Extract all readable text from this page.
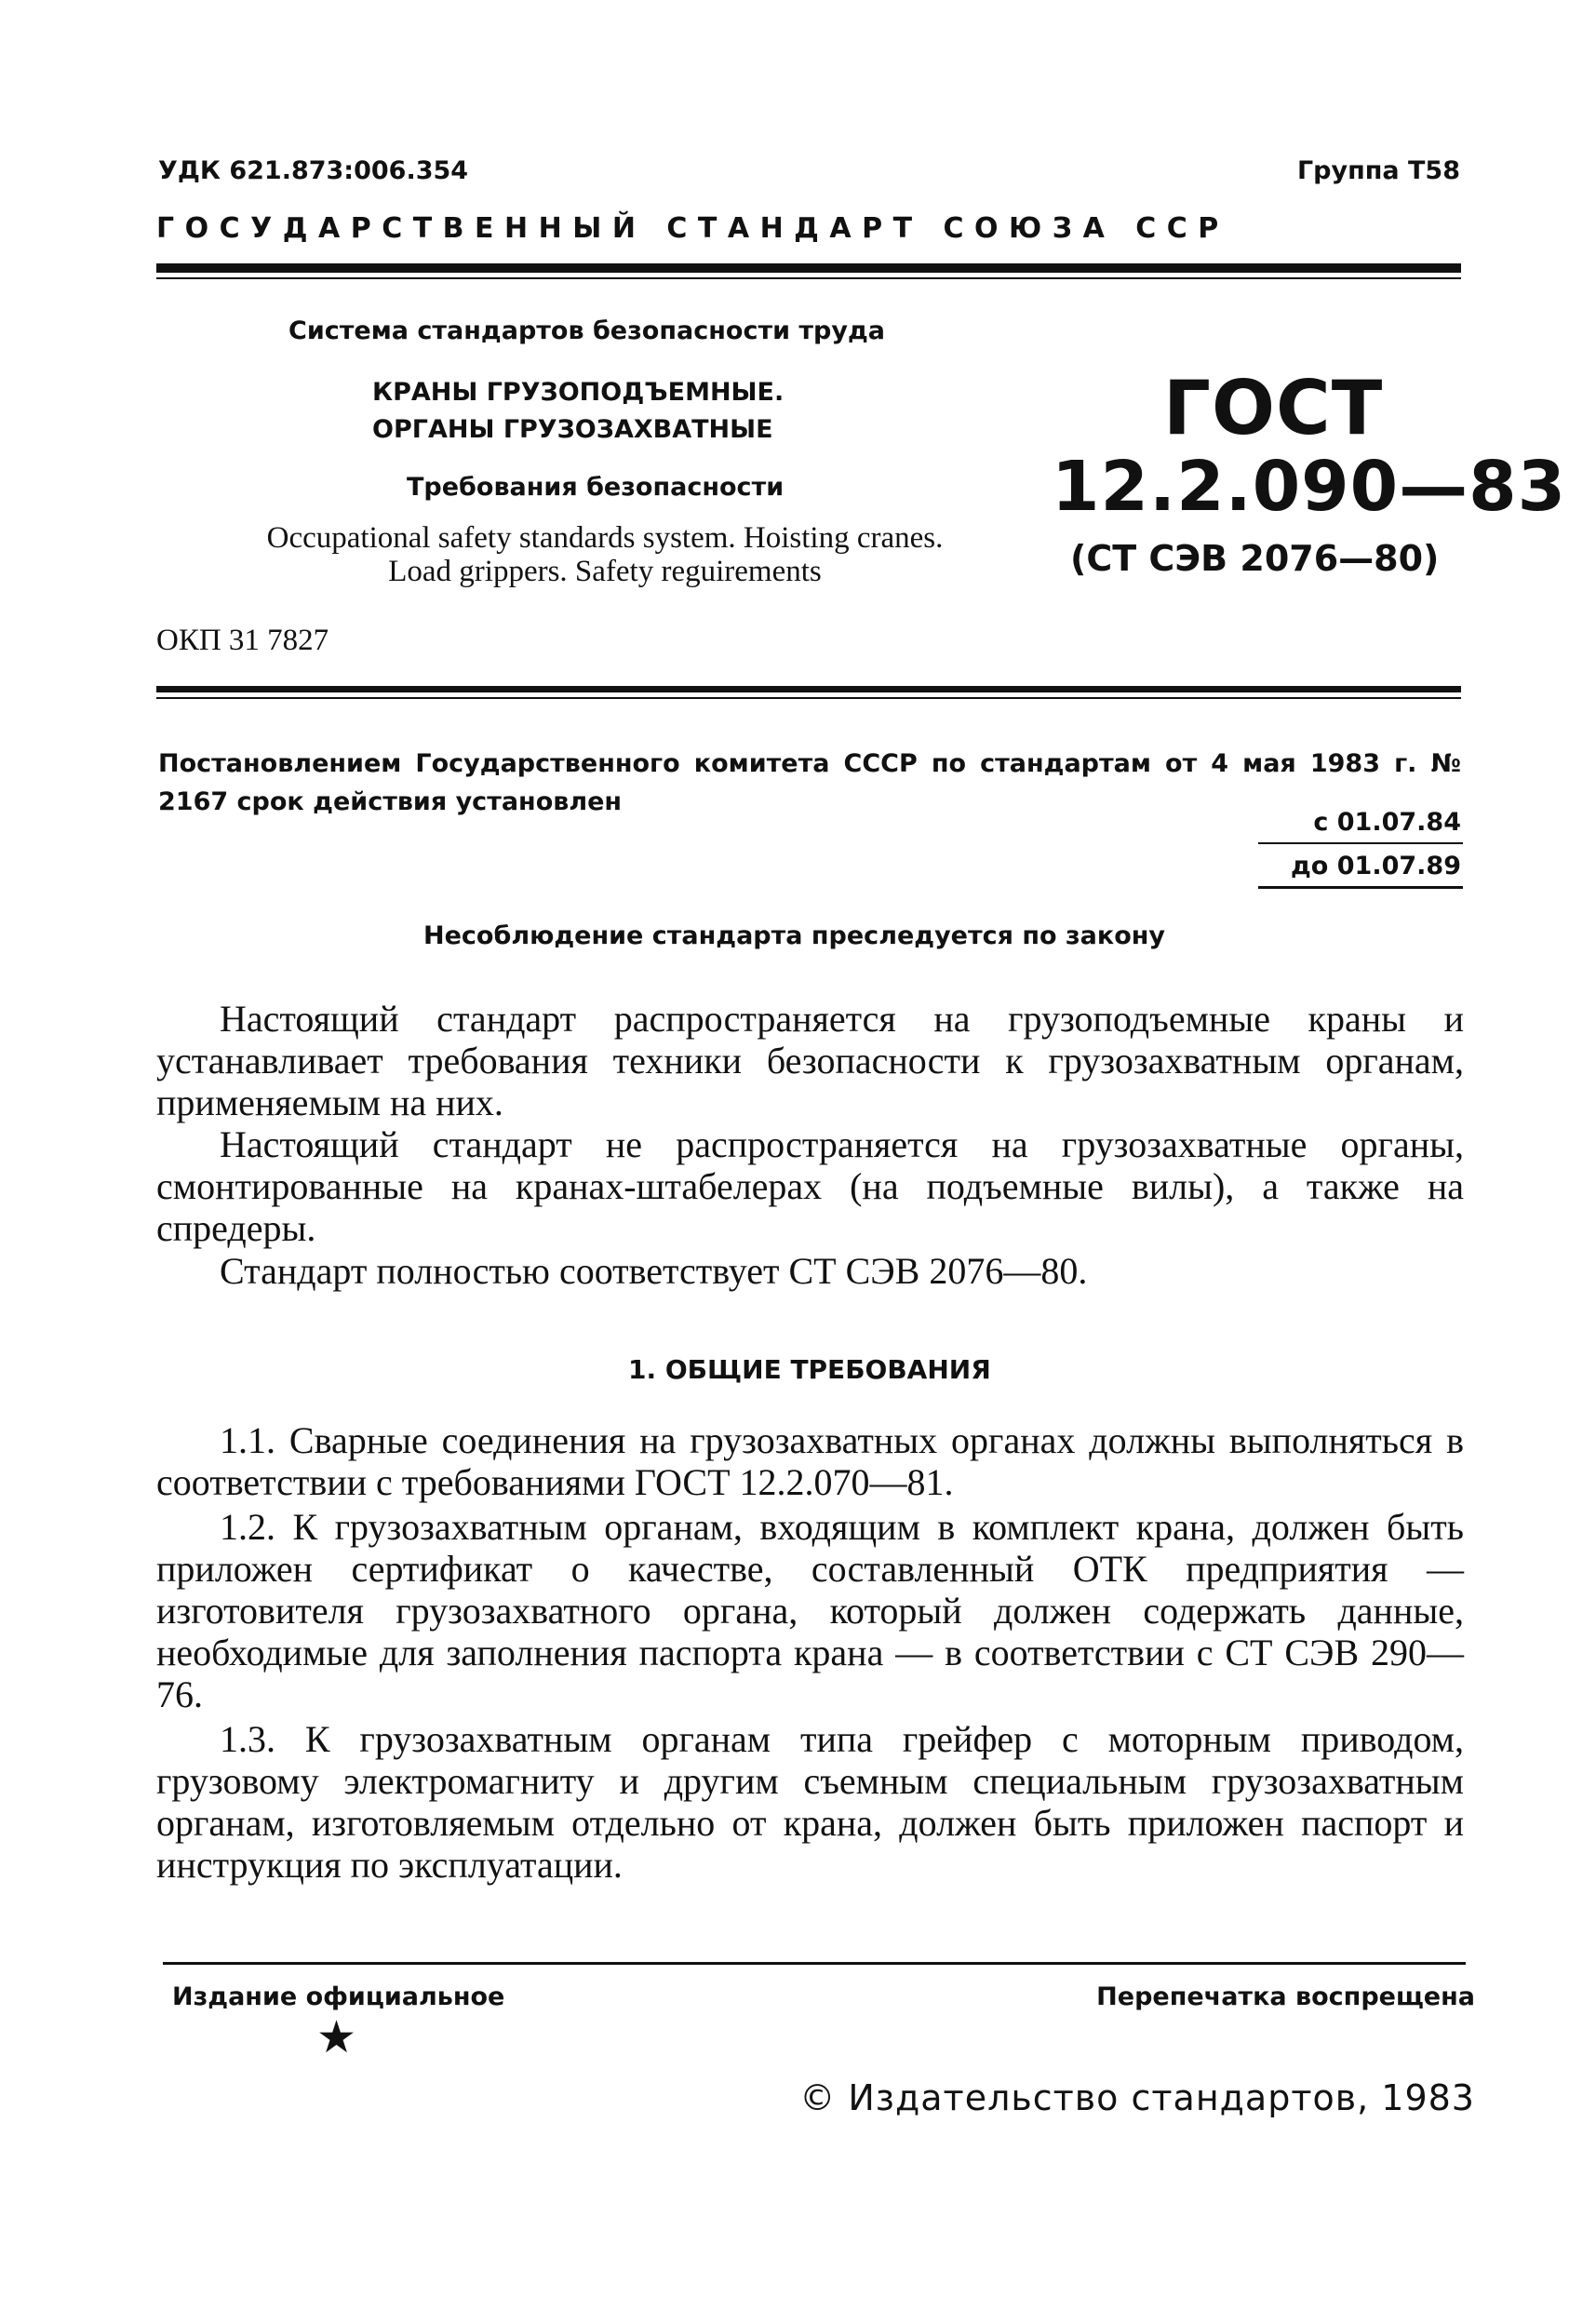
УДК 621.873:006.354	Группа Т58
ГОСУДАРСТВЕННЫЙ СТАНДАРТ СОЮЗА ССР
Система стандартов безопасности труда
КРАНЫ ГРУЗОПОДЪЕМНЫЕ.
ОРГАНЫ ГРУЗОЗАХВАТНЫЕ
Требования безопасности
Occupational safety standards system. Hoisting cranes.
Load grippers. Safety reguirements
ОКП 31 7827
ГОСТ
12.2.090—83
(СТ СЭВ 2076—80)
Постановлением Государственного комитета СССР по стандартам от 4 мая 1983 г. № 2167 срок действия установлен
с 01.07.84
до 01.07.89
Несоблюдение стандарта преследуется по закону

Настоящий стандарт распространяется на грузоподъемные краны и устанавливает требования техники безопасности к грузозахватным органам, применяемым на них.

Настоящий стандарт не распространяется на грузозахватные органы, смонтированные на кранах-штабелерах (на подъемные вилы), а также на спредеры.

Стандарт полностью соответствует СТ СЭВ 2076—80.

1. ОБЩИЕ ТРЕБОВАНИЯ

1.1. Сварные соединения на грузозахватных органах должны выполняться в соответствии с требованиями ГОСТ 12.2.070—81.

1.2. К грузозахватным органам, входящим в комплект крана, должен быть приложен сертификат о качестве, составленный ОТК предприятия — изготовителя грузозахватного органа, который должен содержать данные, необходимые для заполнения паспорта крана — в соответствии с СТ СЭВ 290—76.

1.3. К грузозахватным органам типа грейфер с моторным приводом, грузовому электромагниту и другим съемным специальным грузозахватным органам, изготовляемым отдельно от крана, должен быть приложен паспорт и инструкция по эксплуатации.

Издание официальное	Перепечатка воспрещена
★
© Издательство стандартов, 1983
